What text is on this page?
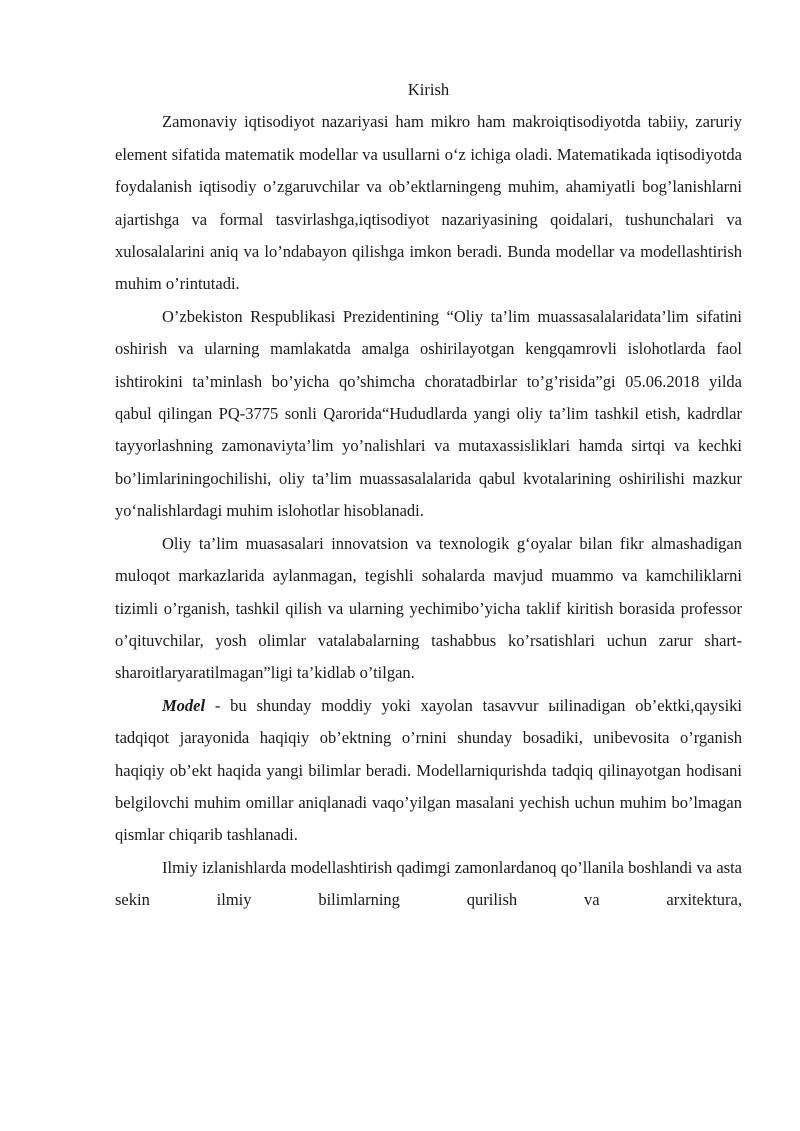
Kirish

Zamonaviy iqtisodiyot nazariyasi ham mikro ham makroiqtisodiyotda tabiiy, zaruriy element sifatida matematik modellar va usullarni o‘z ichiga oladi. Matematikada iqtisodiyotda foydalanish iqtisodiy o’zgaruvchilar va ob’ektlarningeng muhim, ahamiyatli bog’lanishlarni ajartishga va formal tasvirlashga,iqtisodiyot nazariyasining qoidalari, tushunchalari va xulosalalarini aniq va lo’ndabayon qilishga imkon beradi. Bunda modellar va modellashtirish muhim o’rintutadi.

O’zbekiston Respublikasi Prezidentining “Oliy ta’lim muassasalalaridata’lim sifatini oshirish va ularning mamlakatda amalga oshirilayotgan kengqamrovli islohotlarda faol ishtirokini ta’minlash bo’yicha qo’shimcha choratadbirlar to’g’risida”gi 05.06.2018 yilda qabul qilingan PQ-3775 sonli Qarorida“Hududlarda yangi oliy ta’lim tashkil etish, kadrdlar tayyorlashning zamonaviyta’lim yo’nalishlari va mutaxassisliklari hamda sirtqi va kechki bo’limlariningochilishi, oliy ta’lim muassasalalarida qabul kvotalarining oshirilishi mazkur yo‘nalishlardagi muhim islohotlar hisoblanadi.

Oliy ta’lim muasasalari innovatsion va texnologik g‘oyalar bilan fikr almashadigan muloqot markazlarida aylanmagan, tegishli sohalarda mavjud muammo va kamchiliklarni tizimli o’rganish, tashkil qilish va ularning yechimibo’yicha taklif kiritish borasida professor o’qituvchilar, yosh olimlar vatalabalarning tashabbus ko’rsatishlari uchun zarur shart-sharoitlaryaratilmagan”ligi ta’kidlab o’tilgan.

Model - bu shunday moddiy yoki xayolan tasavvur ыilinadigan ob’ektki,qaysiki tadqiqot jarayonida haqiqiy ob’ektning o’rnini shunday bosadiki, unibevosita o’rganish haqiqiy ob’ekt haqida yangi bilimlar beradi. Modellarniqurishda tadqiq qilinayotgan hodisani belgilovchi muhim omillar aniqlanadi vaqo’yilgan masalani yechish uchun muhim bo’lmagan qismlar chiqarib tashlanadi.

Ilmiy izlanishlarda modellashtirish qadimgi zamonlardanoq qo’llanila boshlandi va asta sekin ilmiy bilimlarning qurilish va arxitektura,
